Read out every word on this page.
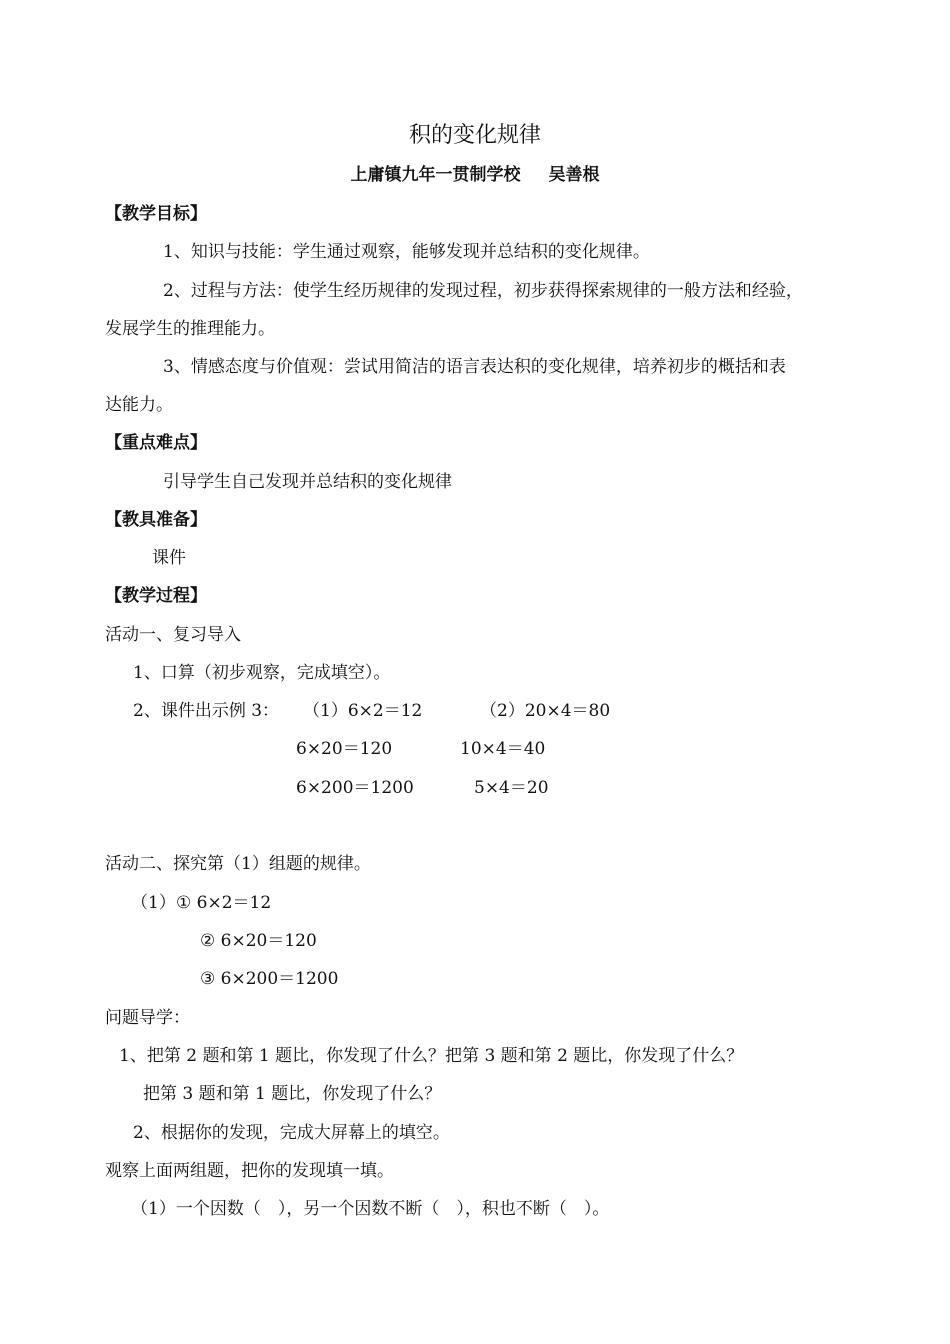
积的变化规律
上庸镇九年一贯制学校 吴善根
【教学目标】
1、知识与技能：学生通过观察，能够发现并总结积的变化规律。
2、过程与方法：使学生经历规律的发现过程，初步获得探索规律的一般方法和经验，
发展学生的推理能力。
3、情感态度与价值观：尝试用简洁的语言表达积的变化规律，培养初步的概括和表
达能力。
【重点难点】
引导学生自己发现并总结积的变化规律
【教具准备】
课件
【教学过程】
活动一、复习导入
1、口算（初步观察，完成填空）。
2、课件出示例 3： （1）6×2＝12
6×20＝120
6×200＝1200
（2）20×4＝80
10×4＝40
5×4＝20
活动二、探究第（1）组题的规律。
（1） ① 6×2＝12
② 6×20＝120
③ 6×200＝1200
问题导学：
1、把第 2 题和第 1 题比，你发现了什么？把第 3 题和第 2 题比，你发现了什么？
把第 3 题和第 1 题比，你发现了什么？
2、根据你的发现，完成大屏幕上的填空。
观察上面两组题，把你的发现填一填。
（1）一个因数（　），另一个因数不断（　），积也不断（　）。
